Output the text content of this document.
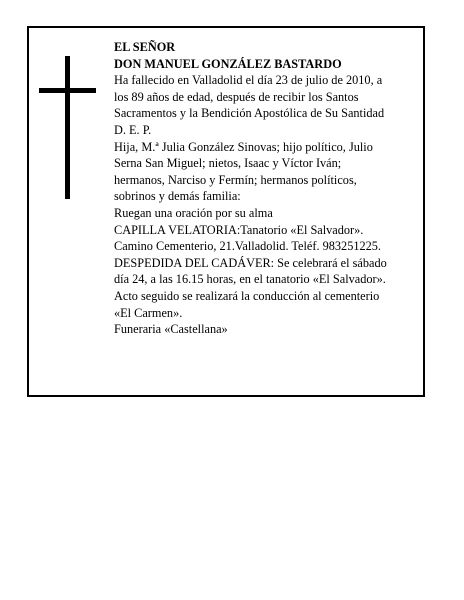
EL SEÑOR
DON MANUEL GONZÁLEZ BASTARDO
Ha fallecido en Valladolid el día 23 de julio de 2010, a
los 89 años de edad, después de recibir los Santos
Sacramentos y la Bendición Apostólica de Su Santidad
D. E. P.
Hija, M.ª Julia González Sinovas; hijo político, Julio
Serna San Miguel; nietos, Isaac y Víctor Iván;
hermanos, Narciso y Fermín; hermanos políticos,
sobrinos y demás familia:
Ruegan una oración por su alma
CAPILLA VELATORIA:Tanatorio «El Salvador».
Camino Cementerio, 21.Valladolid. Teléf. 983251225.
DESPEDIDA DEL CADÁVER: Se celebrará el sábado
día 24, a las 16.15 horas, en el tanatorio «El Salvador».
Acto seguido se realizará la conducción al cementerio
«El Carmen».
Funeraria «Castellana»
